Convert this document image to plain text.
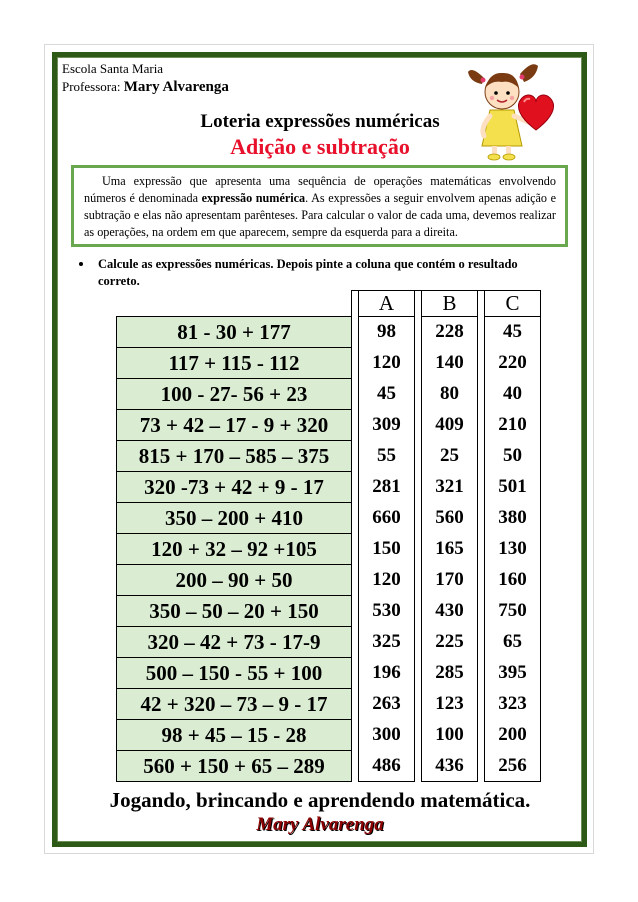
Escola Santa Maria
Professora: Mary Alvarenga
Loteria expressões numéricas
Adição e subtração

Uma expressão que apresenta uma sequência de operações matemáticas envolvendo números é denominada expressão numérica. As expressões a seguir envolvem apenas adição e subtração e elas não apresentam parênteses. Para calcular o valor de cada uma, devemos realizar as operações, na ordem em que aparecem, sempre da esquerda para a direita.

Calcule as expressões numéricas. Depois pinte a coluna que contém o resultado correto.
		A		B		C
81 - 30 + 177		98		228		45
117 + 115 - 112		120		140		220
100 - 27- 56 + 23		45		80		40
73 + 42 – 17 - 9 + 320		309		409		210
815 + 170 – 585 – 375		55		25		50
320 -73 + 42 + 9 - 17		281		321		501
350 – 200 + 410		660		560		380
120 + 32 – 92 +105		150		165		130
200 – 90 + 50		120		170		160
350 – 50 – 20 + 150		530		430		750
320 – 42 + 73 - 17-9		325		225		65
500 – 150 - 55 + 100		196		285		395
42 + 320 – 73 – 9 - 17		263		123		323
98 + 45 – 15 - 28		300		100		200
560 + 150 + 65 – 289		486		436		256
Jogando, brincando e aprendendo matemática.
Mary Alvarenga
